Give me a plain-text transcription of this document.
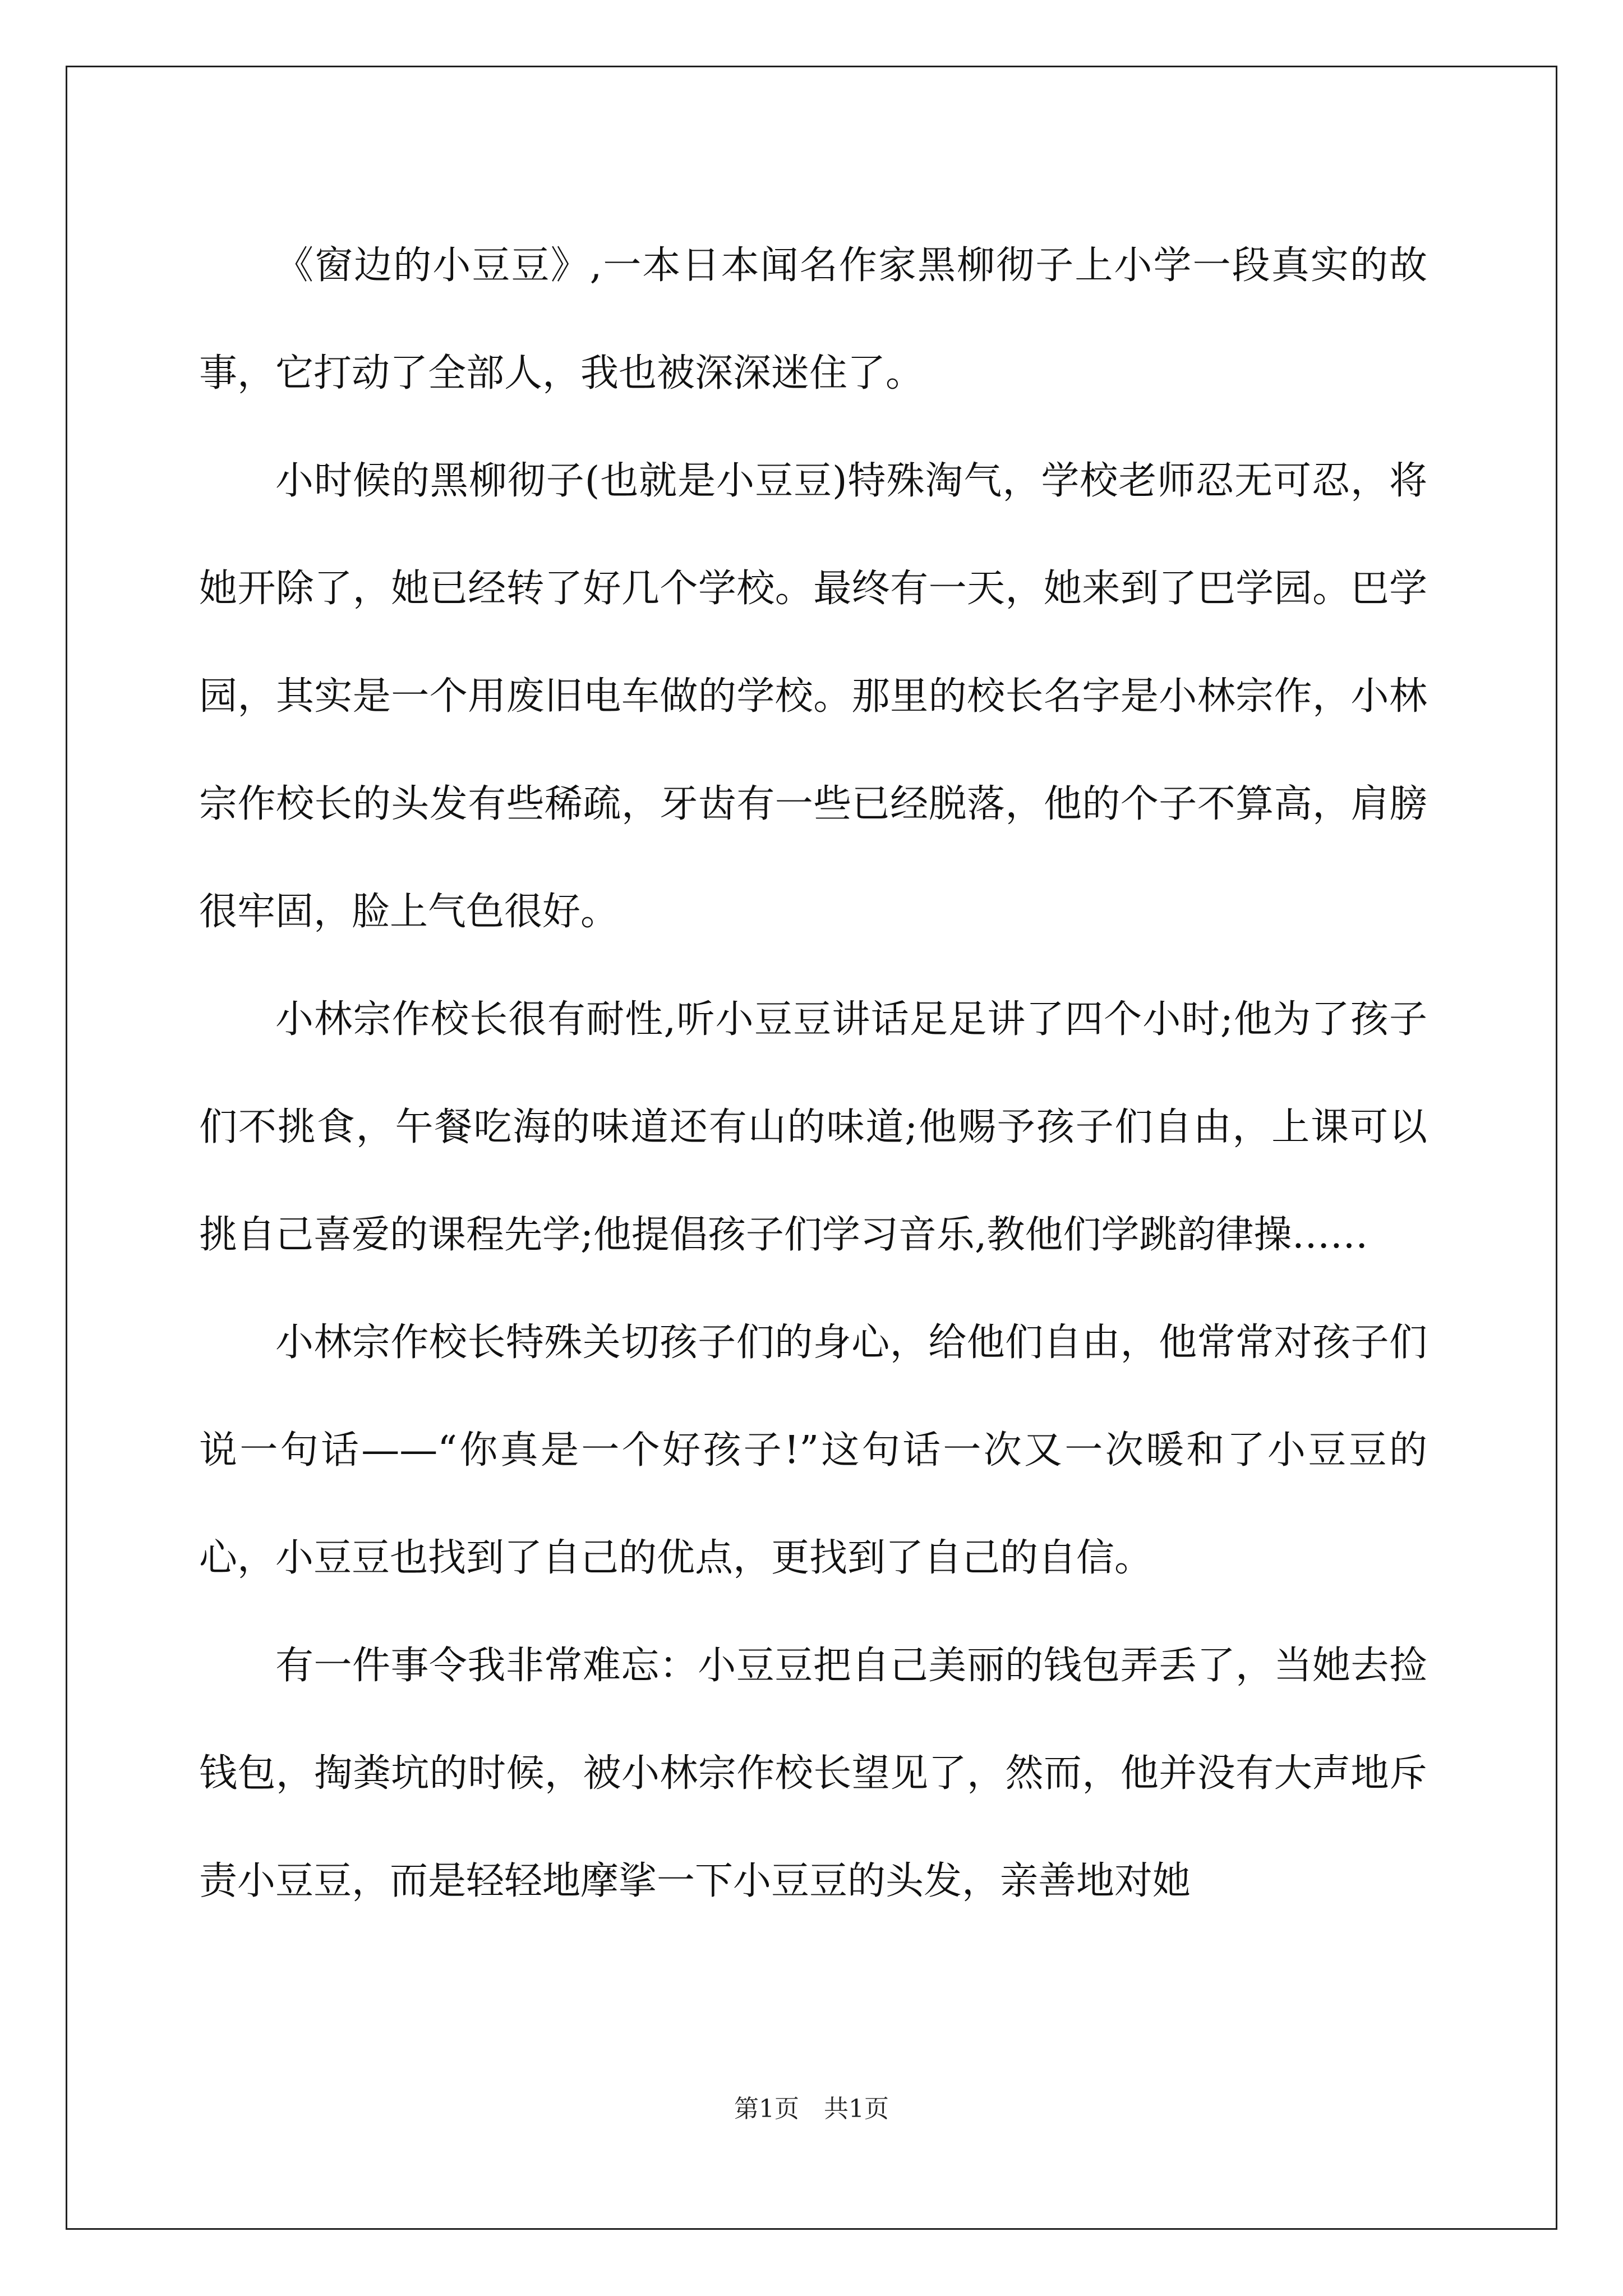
《窗边的小豆豆》,一本日本闻名作家黑柳彻子上小学一段真实的故事，它打动了全部人，我也被深深迷住了。

小时候的黑柳彻子(也就是小豆豆)特殊淘气，学校老师忍无可忍，将她开除了，她已经转了好几个学校。最终有一天，她来到了巴学园。巴学园，其实是一个用废旧电车做的学校。那里的校长名字是小林宗作，小林宗作校长的头发有些稀疏，牙齿有一些已经脱落，他的个子不算高，肩膀很牢固，脸上气色很好。

小林宗作校长很有耐性,听小豆豆讲话足足讲了四个小时;他为了孩子们不挑食，午餐吃海的味道还有山的味道;他赐予孩子们自由，上课可以挑自己喜爱的课程先学;他提倡孩子们学习音乐,教他们学跳韵律操……

小林宗作校长特殊关切孩子们的身心，给他们自由，他常常对孩子们说一句话——“你真是一个好孩子!”这句话一次又一次暖和了小豆豆的心，小豆豆也找到了自己的优点，更找到了自己的自信。

有一件事令我非常难忘：小豆豆把自己美丽的钱包弄丢了，当她去捡钱包，掏粪坑的时候，被小林宗作校长望见了，然而，他并没有大声地斥责小豆豆，而是轻轻地摩挲一下小豆豆的头发，亲善地对她

第1页　共1页
